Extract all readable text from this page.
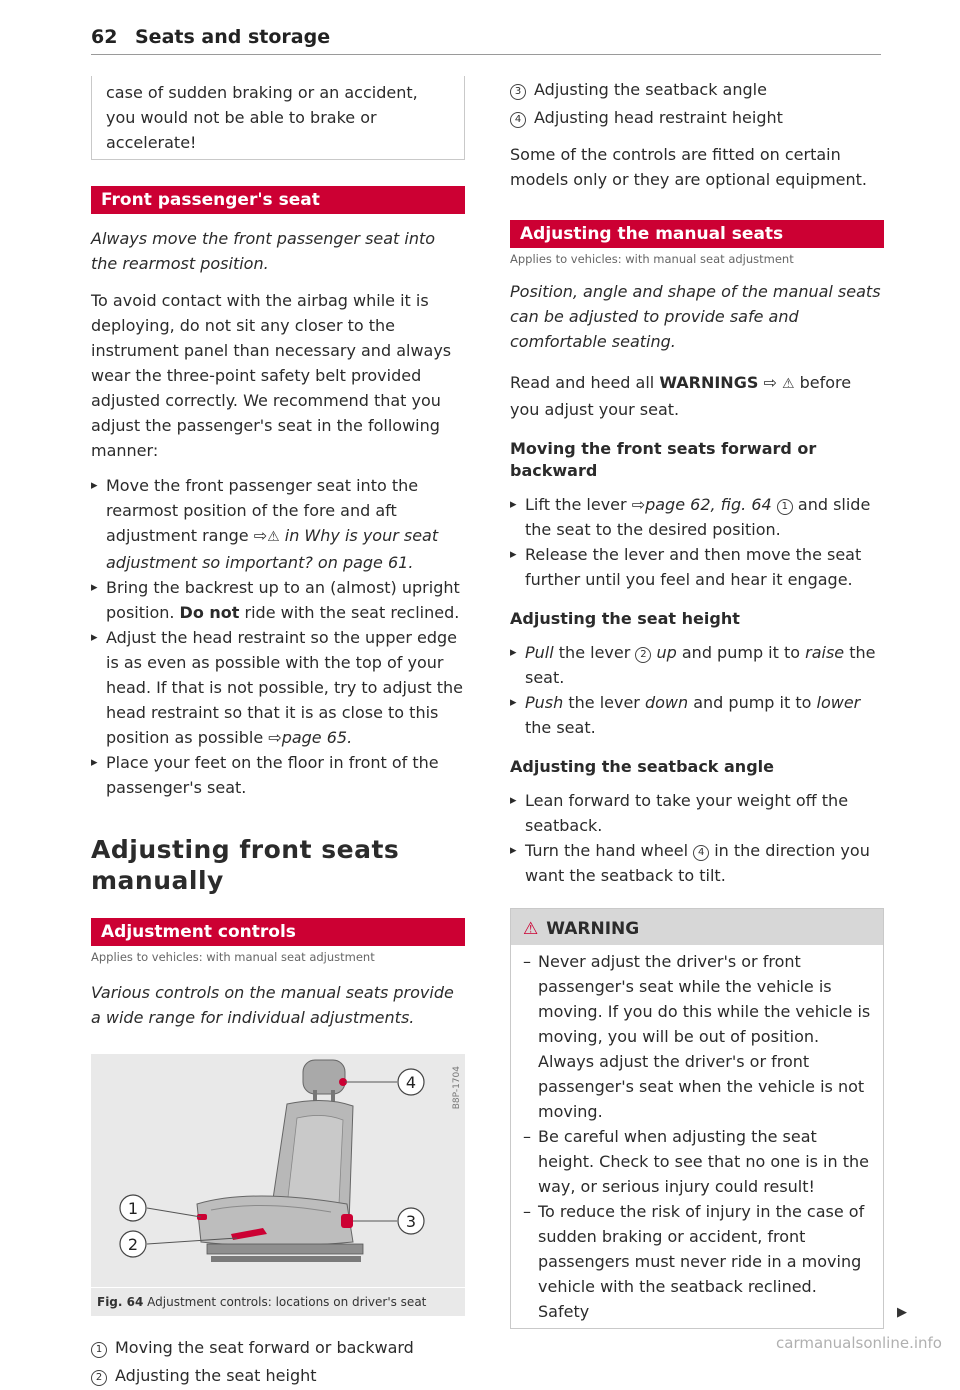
62 Seats and storage

case of sudden braking or an accident, you would not be able to brake or accelerate!

Front passenger's seat

Always move the front passenger seat into the rearmost position.

To avoid contact with the airbag while it is deploying, do not sit any closer to the instrument panel than necessary and always wear the three-point safety belt provided adjusted correctly. We recommend that you adjust the passenger's seat in the following manner:

▸ Move the front passenger seat into the rearmost position of the fore and aft adjustment range ⇨⚠ in Why is your seat adjustment so important? on page 61.
▸ Bring the backrest up to an (almost) upright position. Do not ride with the seat reclined.
▸ Adjust the head restraint so the upper edge is as even as possible with the top of your head. If that is not possible, try to adjust the head restraint so that it is as close to this position as possible ⇨page 65.
▸ Place your feet on the floor in front of the passenger's seat.
Adjusting front seats manually
Adjustment controls
Applies to vehicles: with manual seat adjustment

Various controls on the manual seats provide a wide range for individual adjustments.

4
1
2
3
B8P-1704
Fig. 64 Adjustment controls: locations on driver's seat
1 Moving the seat forward or backward
2 Adjusting the seat height
3 Adjusting the seatback angle
4 Adjusting head restraint height

Some of the controls are fitted on certain models only or they are optional equipment.

Adjusting the manual seats
Applies to vehicles: with manual seat adjustment

Position, angle and shape of the manual seats can be adjusted to provide safe and comfortable seating.

Read and heed all WARNINGS ⇨ ⚠ before you adjust your seat.

Moving the front seats forward or backward
▸ Lift the lever ⇨page 62, fig. 64 1 and slide the seat to the desired position.
▸ Release the lever and then move the seat further until you feel and hear it engage.
Adjusting the seat height
▸ Pull the lever 2 up and pump it to raise the seat.
▸ Push the lever down and pump it to lower the seat.
Adjusting the seatback angle
▸ Lean forward to take your weight off the seatback.
▸ Turn the hand wheel 4 in the direction you want the seatback to tilt.
⚠ WARNING
– Never adjust the driver's or front passenger's seat while the vehicle is moving. If you do this while the vehicle is moving, you will be out of position. Always adjust the driver's or front passenger's seat when the vehicle is not moving.
– Be careful when adjusting the seat height. Check to see that no one is in the way, or serious injury could result!
– To reduce the risk of injury in the case of sudden braking or accident, front passengers must never ride in a moving vehicle with the seatback reclined. Safety	▶
carmanualsonline.info
